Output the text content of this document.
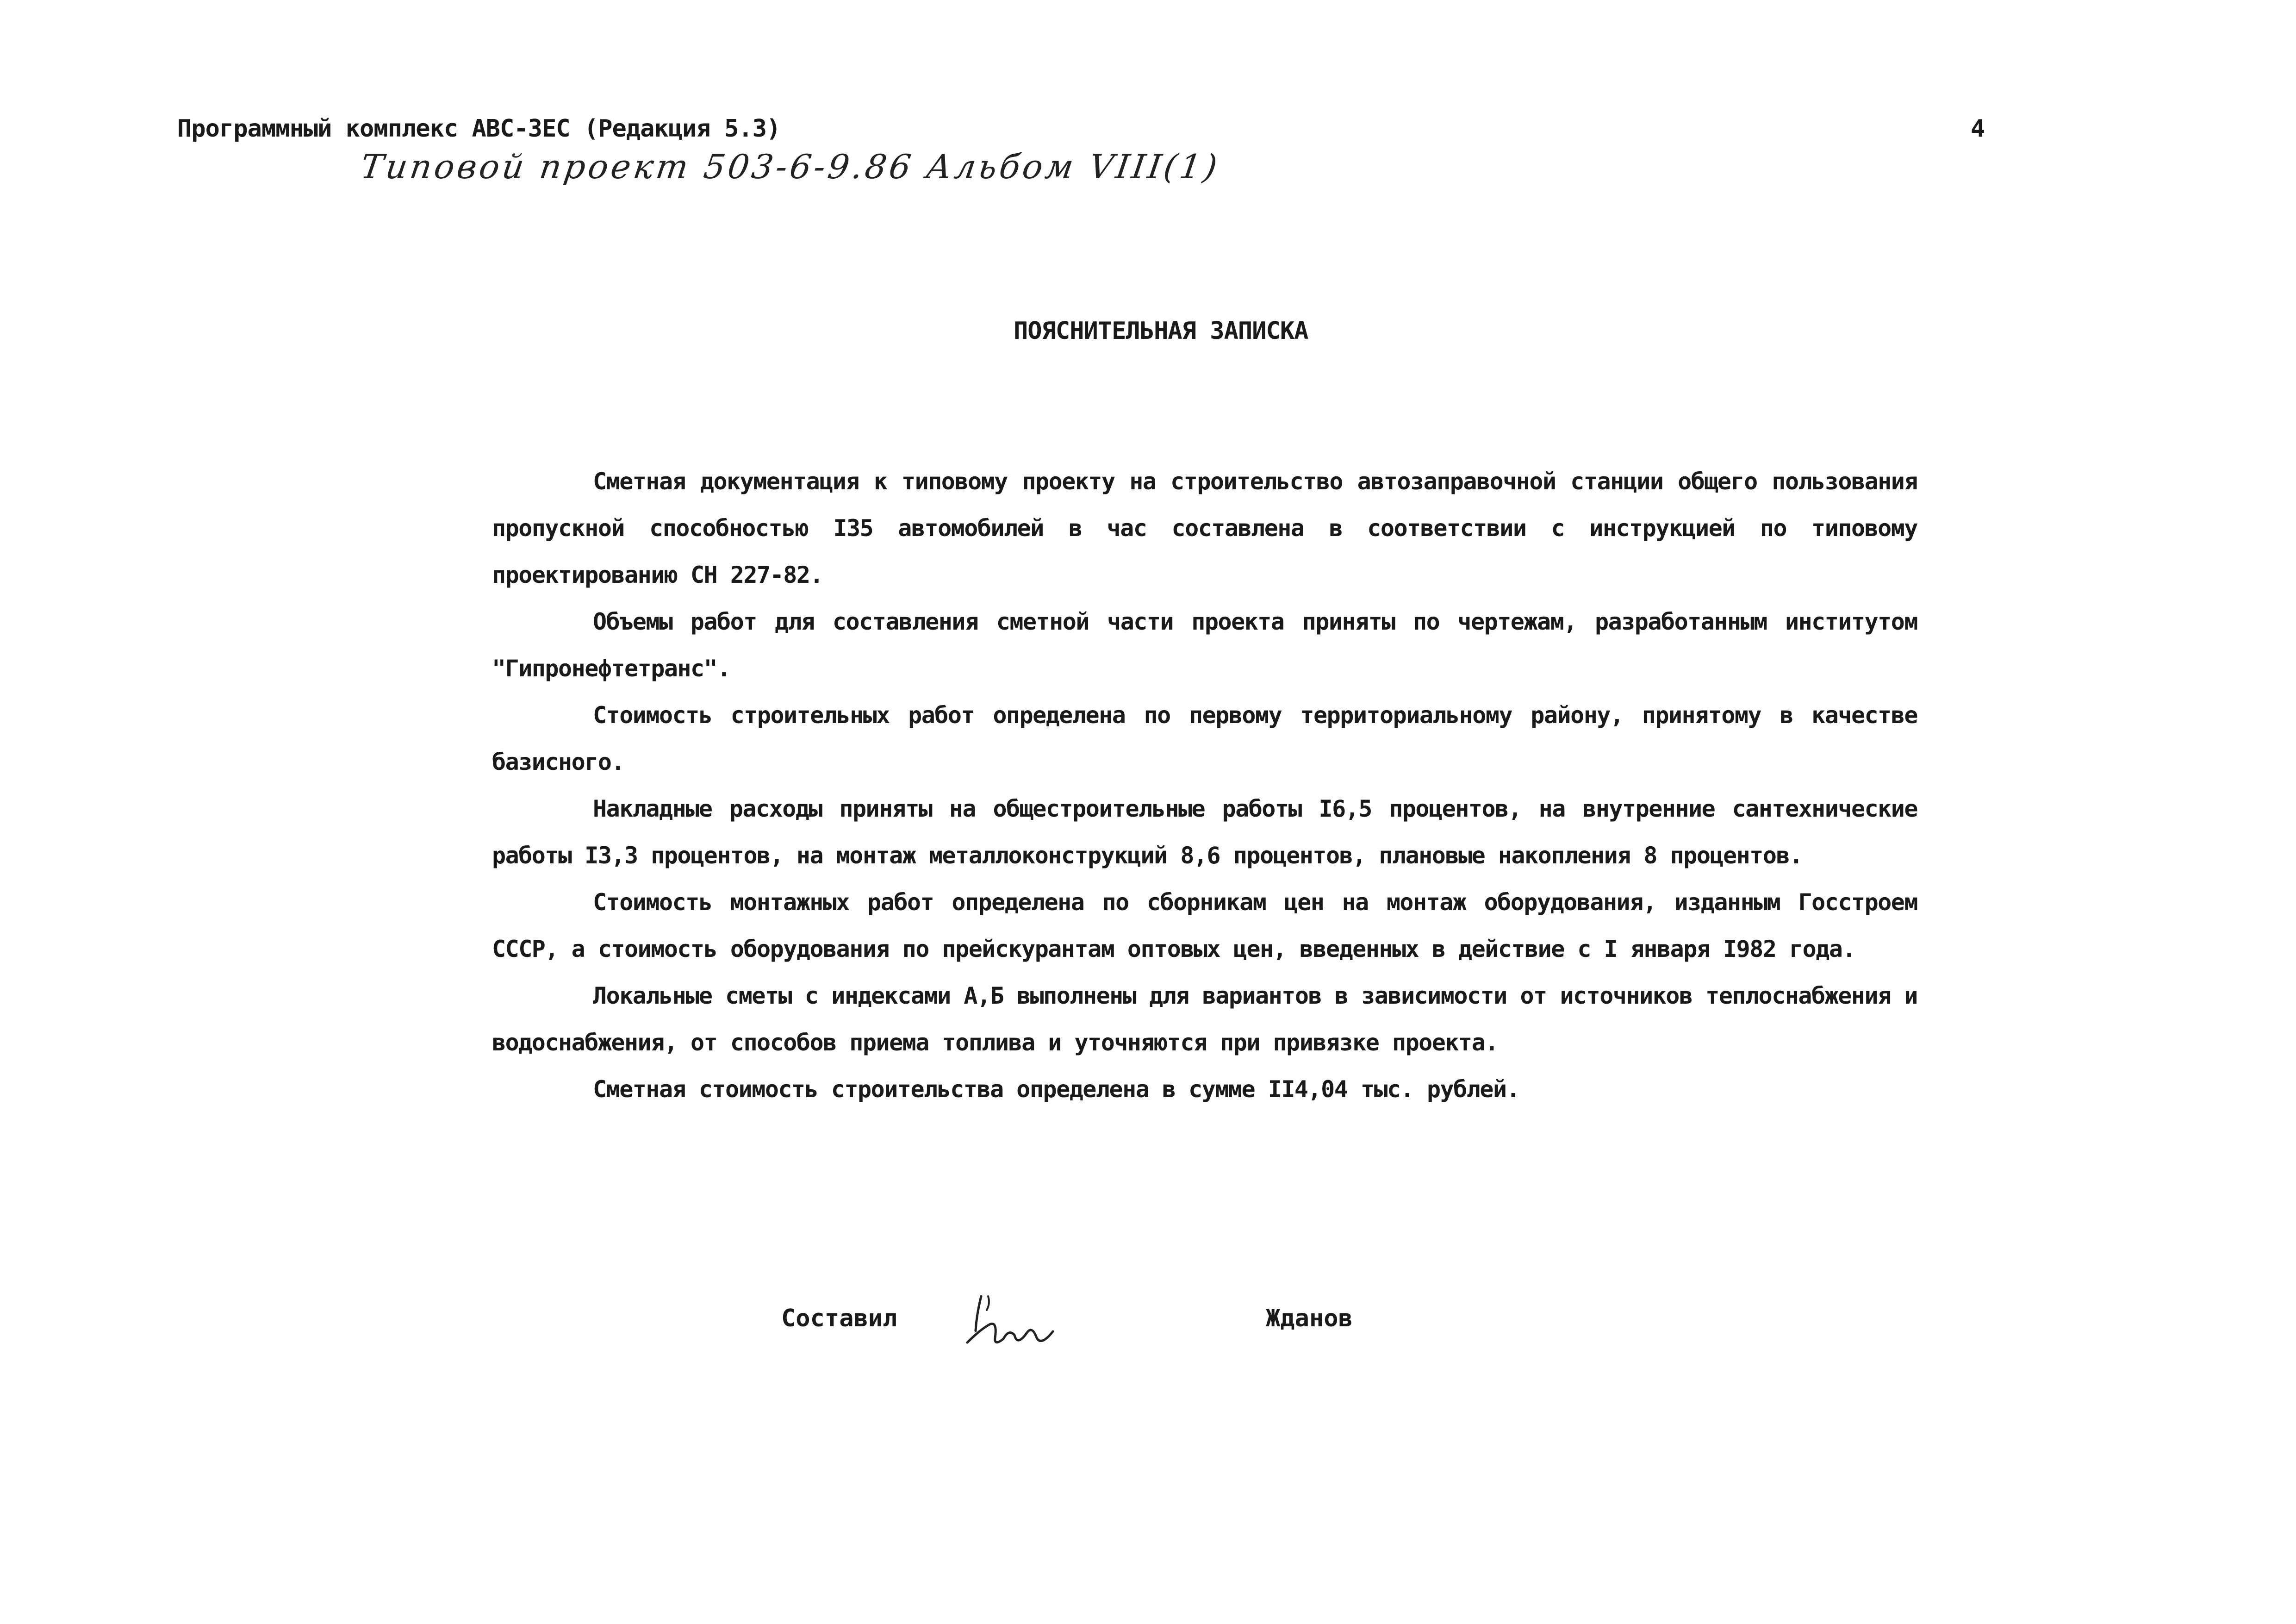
Программный комплекс АВС-3ЕС (Редакция 5.3)
Типовой проект 503-6-9.86 Альбом VIII(1)
4
ПОЯСНИТЕЛЬНАЯ ЗАПИСКА

Сметная документация к типовому проекту на строительство автозаправочной станции общего пользования пропускной способностью I35 автомобилей в час составлена в соответствии с инструкцией по типовому проектированию СН 227-82.

Объемы работ для составления сметной части проекта приняты по чертежам, разработанным институтом "Гипронефтетранс".

Стоимость строительных работ определена по первому территориальному району, принятому в качестве базисного.

Накладные расходы приняты на общестроительные работы I6,5 процентов, на внутренние сантехнические работы I3,3 процентов, на монтаж металлоконструкций 8,6 процентов, плановые накопления 8 процентов.

Стоимость монтажных работ определена по сборникам цен на монтаж оборудования, изданным Госстроем СССР, а стоимость оборудования по прейскурантам оптовых цен, введенных в действие с I января I982 года.

Локальные сметы с индексами А,Б выполнены для вариантов в зависимости от источников теплоснабжения и водоснабжения, от способов приема топлива и уточняются при привязке проекта.

Сметная стоимость строительства определена в сумме II4,04 тыс. рублей.

Составил	Жданов
